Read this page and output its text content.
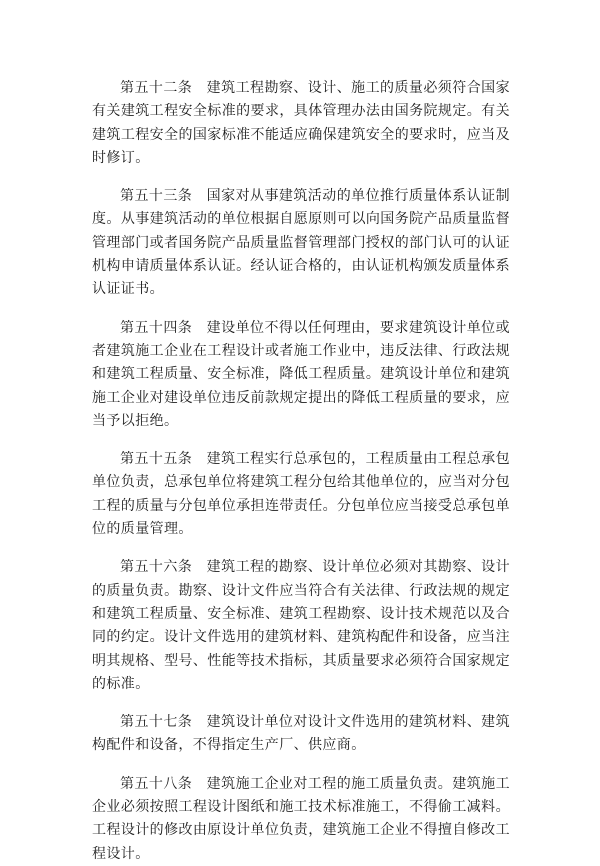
第五十二条　建筑工程勘察、设计、施工的质量必须符合国家有关建筑工程安全标准的要求，具体管理办法由国务院规定。有关建筑工程安全的国家标准不能适应确保建筑安全的要求时，应当及时修订。

第五十三条　国家对从事建筑活动的单位推行质量体系认证制度。从事建筑活动的单位根据自愿原则可以向国务院产品质量监督管理部门或者国务院产品质量监督管理部门授权的部门认可的认证机构申请质量体系认证。经认证合格的，由认证机构颁发质量体系认证证书。

第五十四条　建设单位不得以任何理由，要求建筑设计单位或者建筑施工企业在工程设计或者施工作业中，违反法律、行政法规和建筑工程质量、安全标准，降低工程质量。建筑设计单位和建筑施工企业对建设单位违反前款规定提出的降低工程质量的要求，应当予以拒绝。

第五十五条　建筑工程实行总承包的，工程质量由工程总承包单位负责，总承包单位将建筑工程分包给其他单位的，应当对分包工程的质量与分包单位承担连带责任。分包单位应当接受总承包单位的质量管理。

第五十六条　建筑工程的勘察、设计单位必须对其勘察、设计的质量负责。勘察、设计文件应当符合有关法律、行政法规的规定和建筑工程质量、安全标准、建筑工程勘察、设计技术规范以及合同的约定。设计文件选用的建筑材料、建筑构配件和设备，应当注明其规格、型号、性能等技术指标，其质量要求必须符合国家规定的标准。

第五十七条　建筑设计单位对设计文件选用的建筑材料、建筑构配件和设备，不得指定生产厂、供应商。

第五十八条　建筑施工企业对工程的施工质量负责。建筑施工企业必须按照工程设计图纸和施工技术标准施工，不得偷工减料。工程设计的修改由原设计单位负责，建筑施工企业不得擅自修改工程设计。
